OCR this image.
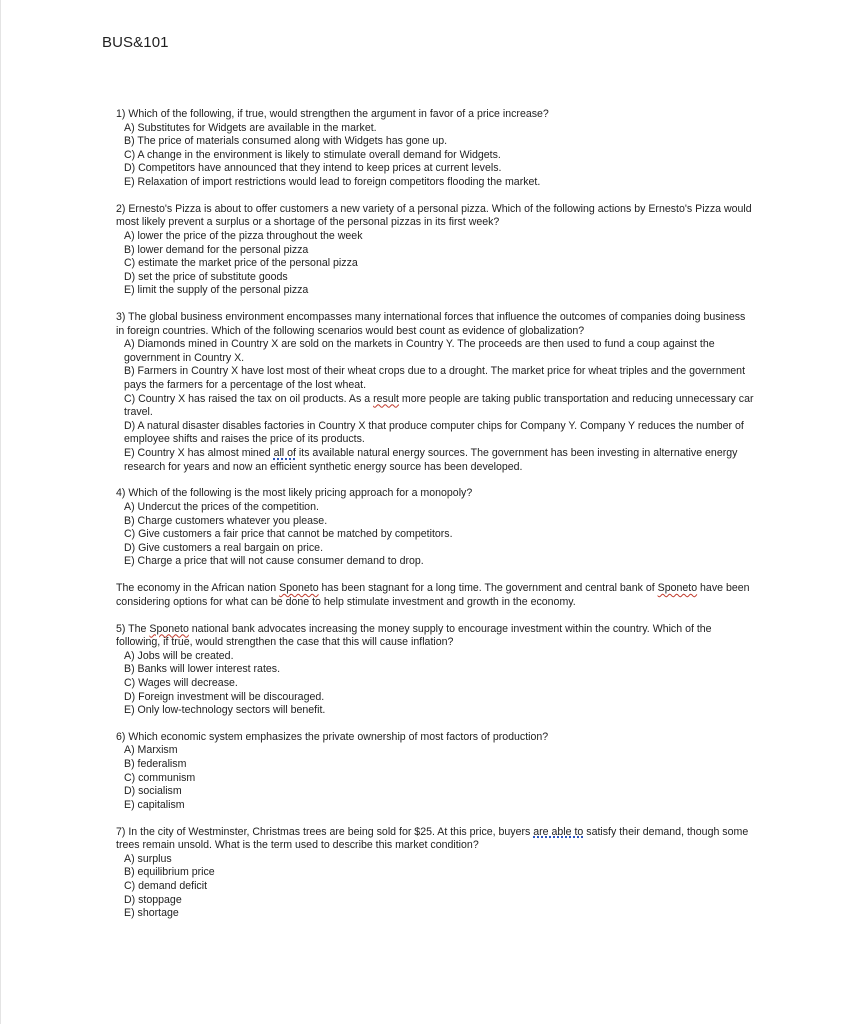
BUS&101

1) Which of the following, if true, would strengthen the argument in favor of a price increase?

A) Substitutes for Widgets are available in the market.

B) The price of materials consumed along with Widgets has gone up.

C) A change in the environment is likely to stimulate overall demand for Widgets.

D) Competitors have announced that they intend to keep prices at current levels.

E) Relaxation of import restrictions would lead to foreign competitors flooding the market.

2) Ernesto's Pizza is about to offer customers a new variety of a personal pizza. Which of the following actions by Ernesto's Pizza would most likely prevent a surplus or a shortage of the personal pizzas in its first week?

A) lower the price of the pizza throughout the week

B) lower demand for the personal pizza

C) estimate the market price of the personal pizza

D) set the price of substitute goods

E) limit the supply of the personal pizza

3) The global business environment encompasses many international forces that influence the outcomes of companies doing business in foreign countries. Which of the following scenarios would best count as evidence of globalization?

A) Diamonds mined in Country X are sold on the markets in Country Y. The proceeds are then used to fund a coup against the government in Country X.

B) Farmers in Country X have lost most of their wheat crops due to a drought. The market price for wheat triples and the government pays the farmers for a percentage of the lost wheat.

C) Country X has raised the tax on oil products. As a result more people are taking public transportation and reducing unnecessary car travel.

D) A natural disaster disables factories in Country X that produce computer chips for Company Y. Company Y reduces the number of employee shifts and raises the price of its products.

E) Country X has almost mined all of its available natural energy sources. The government has been investing in alternative energy research for years and now an efficient synthetic energy source has been developed.

4) Which of the following is the most likely pricing approach for a monopoly?

A) Undercut the prices of the competition.

B) Charge customers whatever you please.

C) Give customers a fair price that cannot be matched by competitors.

D) Give customers a real bargain on price.

E) Charge a price that will not cause consumer demand to drop.

The economy in the African nation Sponeto has been stagnant for a long time. The government and central bank of Sponeto have been considering options for what can be done to help stimulate investment and growth in the economy.

5) The Sponeto national bank advocates increasing the money supply to encourage investment within the country. Which of the following, if true, would strengthen the case that this will cause inflation?

A) Jobs will be created.

B) Banks will lower interest rates.

C) Wages will decrease.

D) Foreign investment will be discouraged.

E) Only low-technology sectors will benefit.

6) Which economic system emphasizes the private ownership of most factors of production?

A) Marxism

B) federalism

C) communism

D) socialism

E) capitalism

7) In the city of Westminster, Christmas trees are being sold for $25. At this price, buyers are able to satisfy their demand, though some trees remain unsold. What is the term used to describe this market condition?

A) surplus

B) equilibrium price

C) demand deficit

D) stoppage

E) shortage
